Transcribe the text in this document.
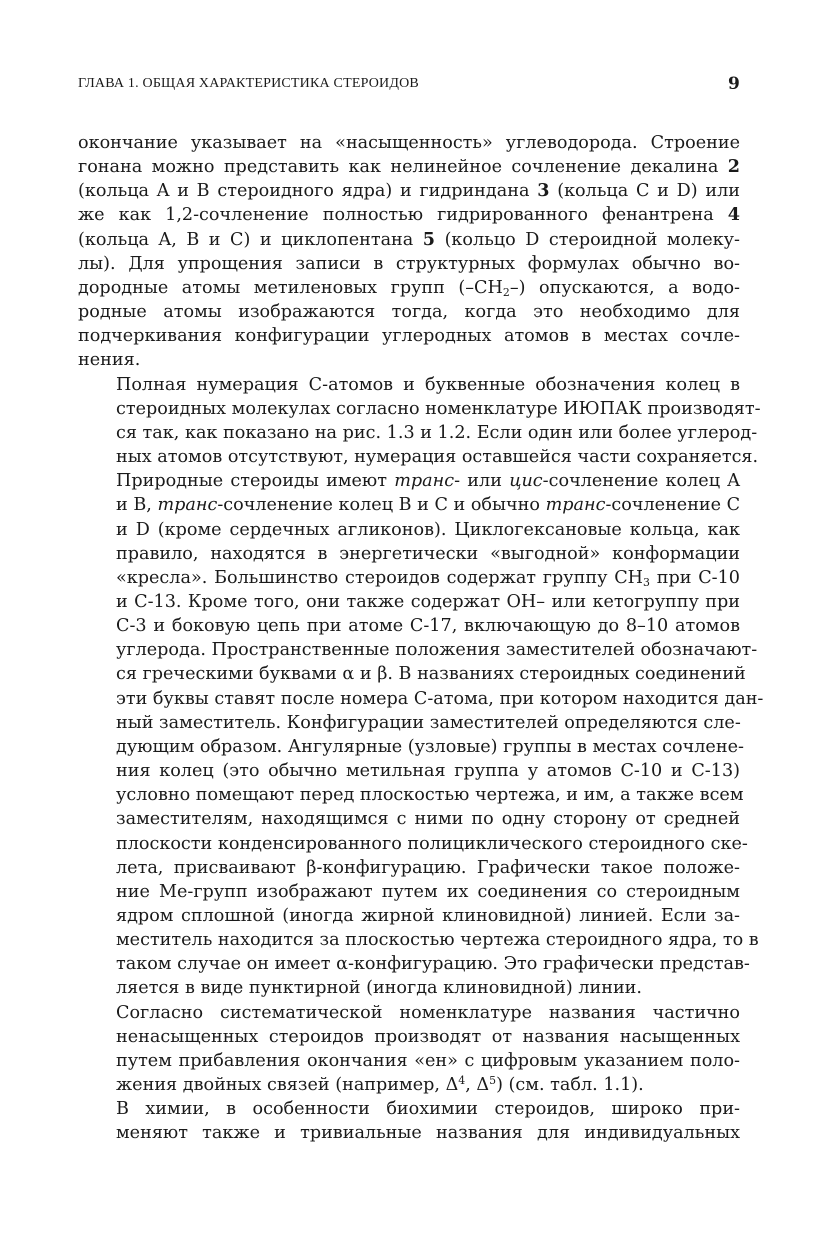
ГЛАВА 1. ОБЩАЯ ХАРАКТЕРИСТИКА СТЕРОИДОВ	9

окончание указывает на «насыщенность» углеводорода. Строение
гонана можно представить как нелинейное сочленение декалина 2
(кольца A и B стероидного ядра) и гидриндана 3 (кольца C и D) или
же как 1,2-сочленение полностью гидрированного фенантрена 4
(кольца A, B и C) и циклопентана 5 (кольцо D стероидной молеку-
лы). Для упрощения записи в структурных формулах обычно во-
дородные атомы метиленовых групп $(-CH_2-)$ опускаются, а водо-
родные атомы изображаются тогда, когда это необходимо для
подчеркивания конфигурации углеродных атомов в местах сочле-
нения.

Полная нумерация C-атомов и буквенные обозначения колец в
стероидных молекулах согласно номенклатуре ИЮПАК производят-
ся так, как показано на рис. 1.3 и 1.2. Если один или более углерод-
ных атомов отсутствуют, нумерация оставшейся части сохраняется.

Природные стероиды имеют транс- или цис-сочленение колец A
и B, транс-сочленение колец B и C и обычно транс-сочленение C
и D (кроме сердечных агликонов). Циклогексановые кольца, как
правило, находятся в энергетически «выгодной» конформации
«кресла». Большинство стероидов содержат группу $CH_3$ при C-10
и C-13. Кроме того, они также содержат OH– или кетогруппу при
C-3 и боковую цепь при атоме C-17, включающую до 8–10 атомов
углерода. Пространственные положения заместителей обозначают-
ся греческими буквами α и β. В названиях стероидных соединений
эти буквы ставят после номера C-атома, при котором находится дан-
ный заместитель. Конфигурации заместителей определяются сле-
дующим образом. Ангулярные (узловые) группы в местах сочлене-
ния колец (это обычно метильная группа у атомов C-10 и C-13)
условно помещают перед плоскостью чертежа, и им, а также всем
заместителям, находящимся с ними по одну сторону от средней
плоскости конденсированного полициклического стероидного ске-
лета, присваивают β-конфигурацию. Графически такое положе-
ние Me-групп изображают путем их соединения со стероидным
ядром сплошной (иногда жирной клиновидной) линией. Если за-
меститель находится за плоскостью чертежа стероидного ядра, то в
таком случае он имеет α-конфигурацию. Это графически представ-
ляется в виде пунктирной (иногда клиновидной) линии.

Согласно систематической номенклатуре названия частично
ненасыщенных стероидов производят от названия насыщенных
путем прибавления окончания «ен» с цифровым указанием поло-
жения двойных связей (например, $\Delta^4$, $\Delta^5$) (см. табл. 1.1).

В химии, в особенности биохимии стероидов, широко при-
меняют также и тривиальные названия для индивидуальных
